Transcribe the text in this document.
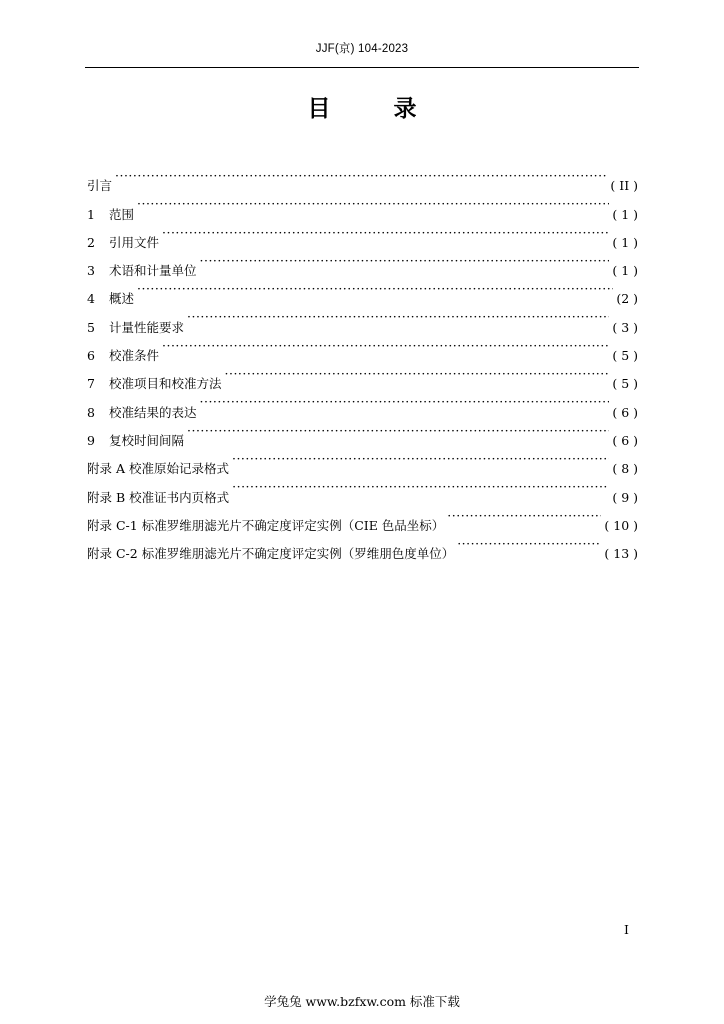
JJF(京) 104-2023
目　录
引言 ·····	( II )
1	范围 ·····	( 1 )
2	引用文件 ·····	( 1 )
3	术语和计量单位 ·····	( 1 )
4	概述 ·····	(2 )
5	计量性能要求 ·····	( 3 )
6	校准条件 ·····	( 5 )
7	校准项目和校准方法 ·····	( 5 )
8	校准结果的表达 ·····	( 6 )
9	复校时间间隔 ·····	( 6 )
附录 A 校准原始记录格式 ·····	( 8 )
附录 B 校准证书内页格式 ·····	( 9 )
附录 C-1 标准罗维朋滤光片不确定度评定实例（CIE 色品坐标） ·····	( 10 )
附录 C-2 标准罗维朋滤光片不确定度评定实例（罗维朋色度单位） ·····	( 13 )
I
学兔兔 www.bzfxw.com 标准下载
